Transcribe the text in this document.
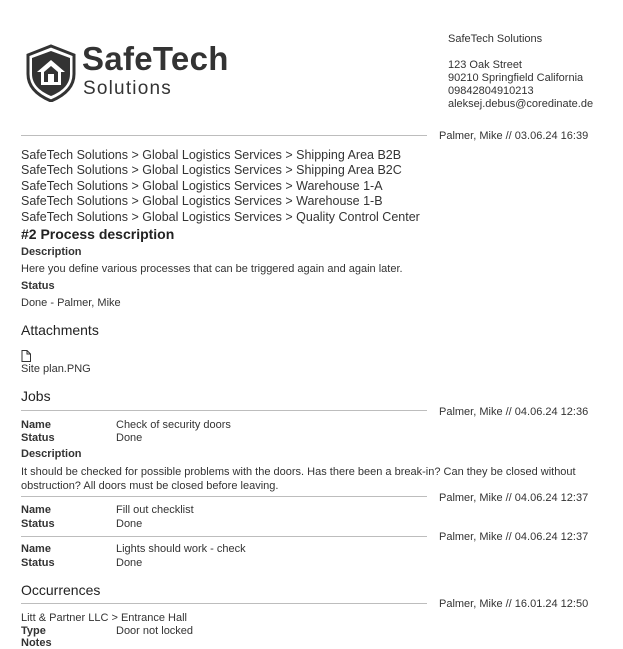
SafeTech
Solutions
SafeTech Solutions
123 Oak Street
90210 Springfield California
09842804910213
aleksej.debus@coredinate.de
Palmer, Mike // 03.06.24 16:39
SafeTech Solutions > Global Logistics Services > Shipping Area B2B
SafeTech Solutions > Global Logistics Services > Shipping Area B2C
SafeTech Solutions > Global Logistics Services > Warehouse 1-A
SafeTech Solutions > Global Logistics Services > Warehouse 1-B
SafeTech Solutions > Global Logistics Services > Quality Control Center
#2 Process description
Description
Here you define various processes that can be triggered again and again later.
Status
Done - Palmer, Mike
Attachments
Site plan.PNG
Jobs
Palmer, Mike // 04.06.24 12:36
Name	Check of security doors
Status	Done
Description
It should be checked for possible problems with the doors. Has there been a break-in? Can they be closed without obstruction? All doors must be closed before leaving.
Palmer, Mike // 04.06.24 12:37
Name	Fill out checklist
Status	Done
Palmer, Mike // 04.06.24 12:37
Name	Lights should work - check
Status	Done
Occurrences
Palmer, Mike // 16.01.24 12:50
Litt & Partner LLC > Entrance Hall
Type	Door not locked
Notes
